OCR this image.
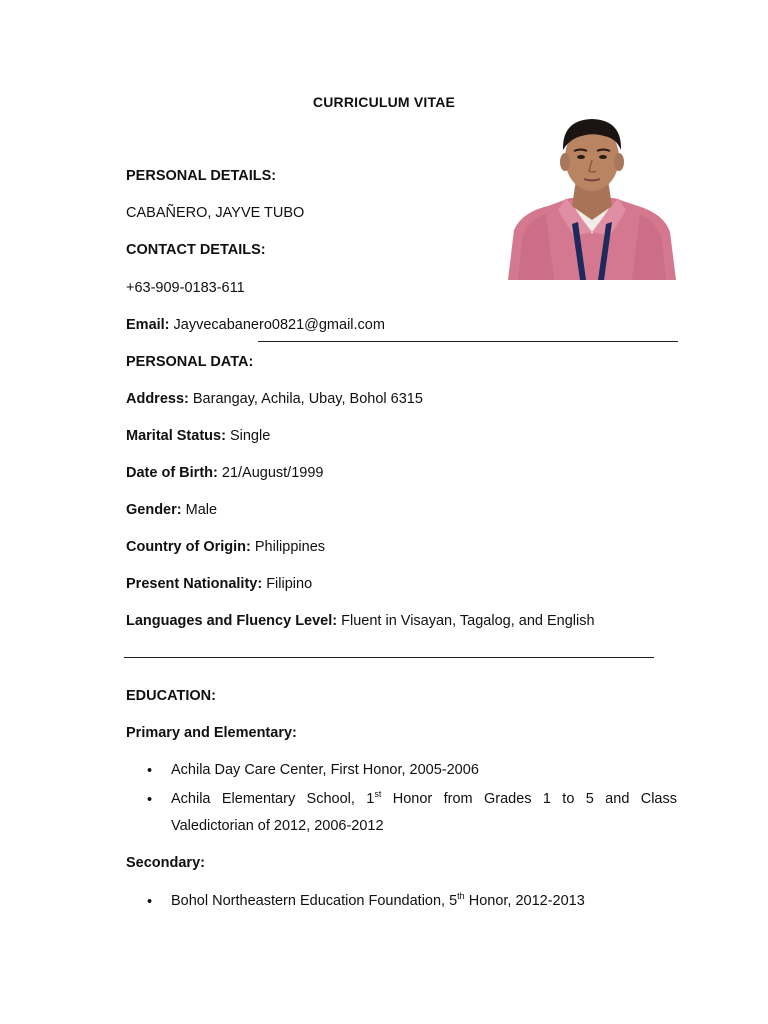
CURRICULUM VITAE
PERSONAL DETAILS:
CABAÑERO, JAYVE TUBO
CONTACT DETAILS:
+63-909-0183-611
Email: Jayvecabanero0821@gmail.com
PERSONAL DATA:
Address: Barangay, Achila, Ubay, Bohol 6315
Marital Status: Single
Date of Birth: 21/August/1999
Gender: Male
Country of Origin: Philippines
Present Nationality: Filipino
Languages and Fluency Level: Fluent in Visayan, Tagalog, and English
EDUCATION:
Primary and Elementary:
• Achila Day Care Center, First Honor, 2005-2006
• Achila Elementary School, 1st Honor from Grades 1 to 5 and Class Valedictorian of 2012, 2006-2012
Secondary:
• Bohol Northeastern Education Foundation, 5th Honor, 2012-2013
